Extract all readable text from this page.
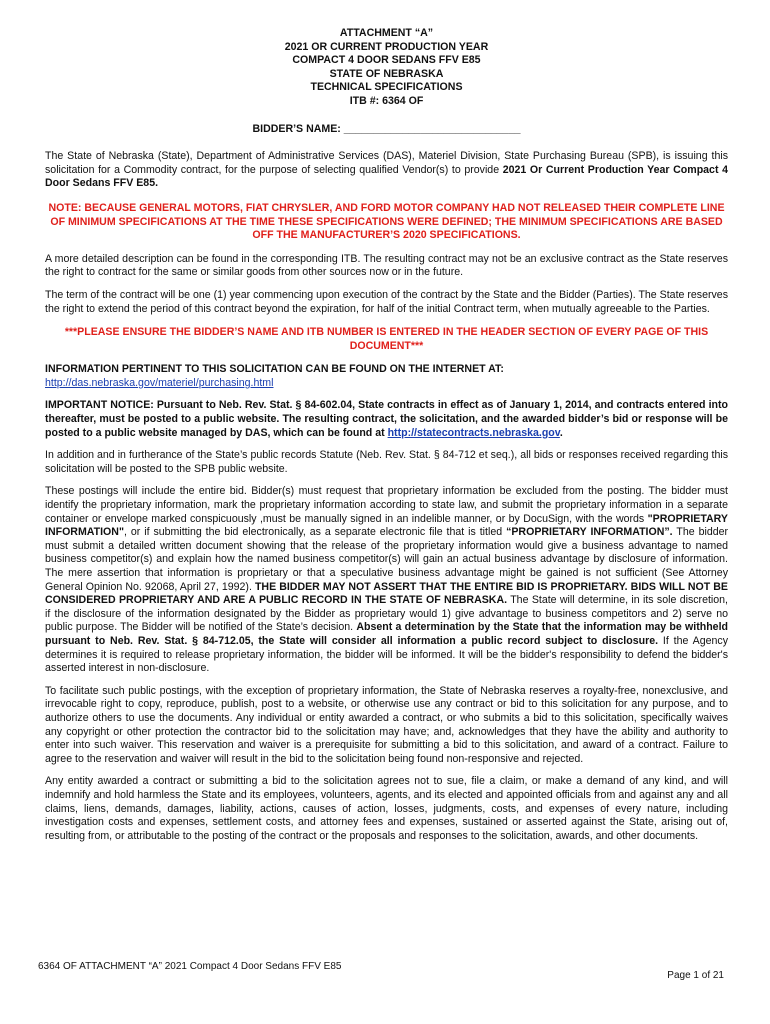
ATTACHMENT “A”
2021 OR CURRENT PRODUCTION YEAR
COMPACT 4 DOOR SEDANS FFV E85
STATE OF NEBRASKA
TECHNICAL SPECIFICATIONS
ITB #: 6364 OF
BIDDER’S NAME: ______________________________

The State of Nebraska (State), Department of Administrative Services (DAS), Materiel Division, State Purchasing Bureau (SPB), is issuing this solicitation for a Commodity contract, for the purpose of selecting qualified Vendor(s) to provide 2021 Or Current Production Year Compact 4 Door Sedans FFV E85.

NOTE: BECAUSE GENERAL MOTORS, FIAT CHRYSLER, AND FORD MOTOR COMPANY HAD NOT RELEASED THEIR COMPLETE LINE OF MINIMUM SPECIFICATIONS AT THE TIME THESE SPECIFICATIONS WERE DEFINED; THE MINIMUM SPECIFICATIONS ARE BASED OFF THE MANUFACTURER’S 2020 SPECIFICATIONS.

A more detailed description can be found in the corresponding ITB. The resulting contract may not be an exclusive contract as the State reserves the right to contract for the same or similar goods from other sources now or in the future.

The term of the contract will be one (1) year commencing upon execution of the contract by the State and the Bidder (Parties). The State reserves the right to extend the period of this contract beyond the expiration, for half of the initial Contract term, when mutually agreeable to the Parties.

***PLEASE ENSURE THE BIDDER’S NAME AND ITB NUMBER IS ENTERED IN THE HEADER SECTION OF EVERY PAGE OF THIS DOCUMENT***

INFORMATION PERTINENT TO THIS SOLICITATION CAN BE FOUND ON THE INTERNET AT:
http://das.nebraska.gov/materiel/purchasing.html

IMPORTANT NOTICE: Pursuant to Neb. Rev. Stat. § 84-602.04, State contracts in effect as of January 1, 2014, and contracts entered into thereafter, must be posted to a public website. The resulting contract, the solicitation, and the awarded bidder’s bid or response will be posted to a public website managed by DAS, which can be found at http://statecontracts.nebraska.gov.

In addition and in furtherance of the State’s public records Statute (Neb. Rev. Stat. § 84-712 et seq.), all bids or responses received regarding this solicitation will be posted to the SPB public website.

These postings will include the entire bid. Bidder(s) must request that proprietary information be excluded from the posting. The bidder must identify the proprietary information, mark the proprietary information according to state law, and submit the proprietary information in a separate container or envelope marked conspicuously ,must be manually signed in an indelible manner, or by DocuSign, with the words "PROPRIETARY INFORMATION", or if submitting the bid electronically, as a separate electronic file that is titled “PROPRIETARY INFORMATION”. The bidder must submit a detailed written document showing that the release of the proprietary information would give a business advantage to named business competitor(s) and explain how the named business competitor(s) will gain an actual business advantage by disclosure of information. The mere assertion that information is proprietary or that a speculative business advantage might be gained is not sufficient (See Attorney General Opinion No. 92068, April 27, 1992). THE BIDDER MAY NOT ASSERT THAT THE ENTIRE BID IS PROPRIETARY. BIDS WILL NOT BE CONSIDERED PROPRIETARY AND ARE A PUBLIC RECORD IN THE STATE OF NEBRASKA. The State will determine, in its sole discretion, if the disclosure of the information designated by the Bidder as proprietary would 1) give advantage to business competitors and 2) serve no public purpose. The Bidder will be notified of the State’s decision. Absent a determination by the State that the information may be withheld pursuant to Neb. Rev. Stat. § 84-712.05, the State will consider all information a public record subject to disclosure. If the Agency determines it is required to release proprietary information, the bidder will be informed. It will be the bidder's responsibility to defend the bidder's asserted interest in non-disclosure.

To facilitate such public postings, with the exception of proprietary information, the State of Nebraska reserves a royalty-free, nonexclusive, and irrevocable right to copy, reproduce, publish, post to a website, or otherwise use any contract or bid to this solicitation for any purpose, and to authorize others to use the documents. Any individual or entity awarded a contract, or who submits a bid to this solicitation, specifically waives any copyright or other protection the contractor bid to the solicitation may have; and, acknowledges that they have the ability and authority to enter into such waiver. This reservation and waiver is a prerequisite for submitting a bid to this solicitation, and award of a contract. Failure to agree to the reservation and waiver will result in the bid to the solicitation being found non-responsive and rejected.

Any entity awarded a contract or submitting a bid to the solicitation agrees not to sue, file a claim, or make a demand of any kind, and will indemnify and hold harmless the State and its employees, volunteers, agents, and its elected and appointed officials from and against any and all claims, liens, demands, damages, liability, actions, causes of action, losses, judgments, costs, and expenses of every nature, including investigation costs and expenses, settlement costs, and attorney fees and expenses, sustained or asserted against the State, arising out of, resulting from, or attributable to the posting of the contract or the proposals and responses to the solicitation, awards, and other documents.

6364 OF ATTACHMENT “A” 2021 Compact 4 Door Sedans FFV E85
Page 1 of 21
